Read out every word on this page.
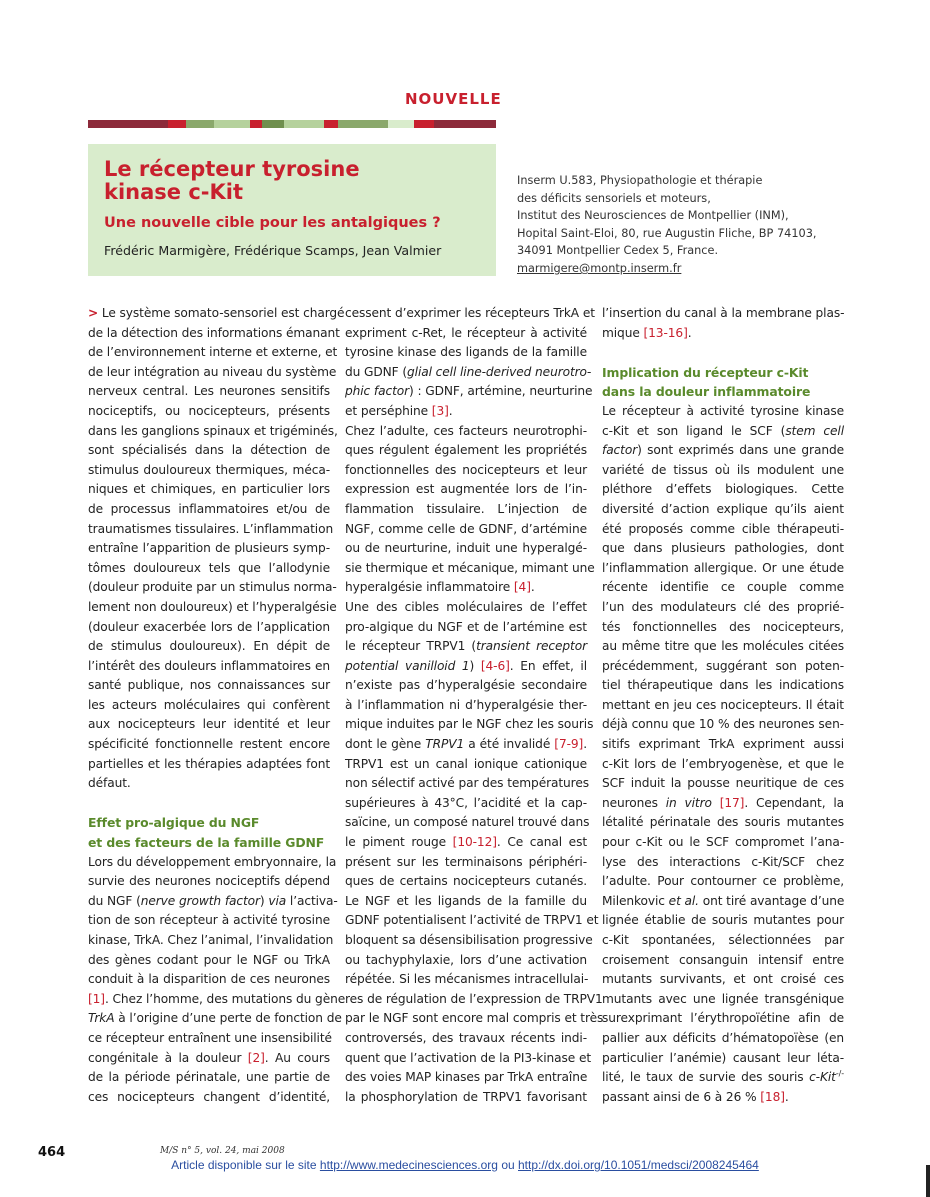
NOUVELLE
Le récepteur tyrosine
kinase c-Kit
Une nouvelle cible pour les antalgiques ?
Frédéric Marmigère, Frédérique Scamps, Jean Valmier
Inserm U.583, Physiopathologie et thérapie
des déficits sensoriels et moteurs,
Institut des Neurosciences de Montpellier (INM),
Hopital Saint-Eloi, 80, rue Augustin Fliche, BP 74103,
34091 Montpellier Cedex 5, France.
marmigere@montp.inserm.fr

> Le système somato-sensoriel est chargé
de la détection des informations émanant
de l’environnement interne et externe, et
de leur intégration au niveau du système
nerveux central. Les neurones sensitifs
nociceptifs, ou nocicepteurs, présents
dans les ganglions spinaux et trigéminés,
sont spécialisés dans la détection de
stimulus douloureux thermiques, méca-
niques et chimiques, en particulier lors
de processus inflammatoires et/ou de
traumatismes tissulaires. L’inflammation
entraîne l’apparition de plusieurs symp-
tômes douloureux tels que l’allodynie
(douleur produite par un stimulus norma-
lement non douloureux) et l’hyperalgésie
(douleur exacerbée lors de l’application
de stimulus douloureux). En dépit de
l’intérêt des douleurs inflammatoires en
santé publique, nos connaissances sur
les acteurs moléculaires qui confèrent
aux nocicepteurs leur identité et leur
spécificité fonctionnelle restent encore
partielles et les thérapies adaptées font
défaut.

Effet pro-algique du NGF
et des facteurs de la famille GDNF

Lors du développement embryonnaire, la
survie des neurones nociceptifs dépend
du NGF (nerve growth factor) via l’activa-
tion de son récepteur à activité tyrosine
kinase, TrkA. Chez l’animal, l’invalidation
des gènes codant pour le NGF ou TrkA
conduit à la disparition de ces neurones
[1]. Chez l’homme, des mutations du gène
TrkA à l’origine d’une perte de fonction de
ce récepteur entraînent une insensibilité
congénitale à la douleur [2]. Au cours
de la période périnatale, une partie de
ces nocicepteurs changent d’identité,

cessent d’exprimer les récepteurs TrkA et
expriment c-Ret, le récepteur à activité
tyrosine kinase des ligands de la famille
du GDNF (glial cell line-derived neurotro-
phic factor) : GDNF, artémine, neurturine
et perséphine [3].

Chez l’adulte, ces facteurs neurotrophi-
ques régulent également les propriétés
fonctionnelles des nocicepteurs et leur
expression est augmentée lors de l’in-
flammation tissulaire. L’injection de
NGF, comme celle de GDNF, d’artémine
ou de neurturine, induit une hyperalgé-
sie thermique et mécanique, mimant une
hyperalgésie inflammatoire [4].

Une des cibles moléculaires de l’effet
pro-algique du NGF et de l’artémine est
le récepteur TRPV1 (transient receptor
potential vanilloid 1) [4-6]. En effet, il
n’existe pas d’hyperalgésie secondaire
à l’inflammation ni d’hyperalgésie ther-
mique induites par le NGF chez les souris
dont le gène TRPV1 a été invalidé [7-9].
TRPV1 est un canal ionique cationique
non sélectif activé par des températures
supérieures à 43°C, l’acidité et la cap-
saïcine, un composé naturel trouvé dans
le piment rouge [10-12]. Ce canal est
présent sur les terminaisons périphéri-
ques de certains nocicepteurs cutanés.
Le NGF et les ligands de la famille du
GDNF potentialisent l’activité de TRPV1 et
bloquent sa désensibilisation progressive
ou tachyphylaxie, lors d’une activation
répétée. Si les mécanismes intracellulai-
res de régulation de l’expression de TRPV1
par le NGF sont encore mal compris et très
controversés, des travaux récents indi-
quent que l’activation de la PI3-kinase et
des voies MAP kinases par TrkA entraîne
la phosphorylation de TRPV1 favorisant

l’insertion du canal à la membrane plas-
mique [13-16].

Implication du récepteur c-Kit
dans la douleur inflammatoire

Le récepteur à activité tyrosine kinase
c-Kit et son ligand le SCF (stem cell
factor) sont exprimés dans une grande
variété de tissus où ils modulent une
pléthore d’effets biologiques. Cette
diversité d’action explique qu’ils aient
été proposés comme cible thérapeuti-
que dans plusieurs pathologies, dont
l’inflammation allergique. Or une étude
récente identifie ce couple comme
l’un des modulateurs clé des proprié-
tés fonctionnelles des nocicepteurs,
au même titre que les molécules citées
précédemment, suggérant son poten-
tiel thérapeutique dans les indications
mettant en jeu ces nocicepteurs. Il était
déjà connu que 10 % des neurones sen-
sitifs exprimant TrkA expriment aussi
c-Kit lors de l’embryogenèse, et que le
SCF induit la pousse neuritique de ces
neurones in vitro [17]. Cependant, la
létalité périnatale des souris mutantes
pour c-Kit ou le SCF compromet l’ana-
lyse des interactions c-Kit/SCF chez
l’adulte. Pour contourner ce problème,
Milenkovic et al. ont tiré avantage d’une
lignée établie de souris mutantes pour
c-Kit spontanées, sélectionnées par
croisement consanguin intensif entre
mutants survivants, et ont croisé ces
mutants avec une lignée transgénique
surexprimant l’érythropoïétine afin de
pallier aux déficits d’hématopoïèse (en
particulier l’anémie) causant leur léta-
lité, le taux de survie des souris c-Kit-/-
passant ainsi de 6 à 26 % [18].

464	M/S n° 5, vol. 24, mai 2008
Article disponible sur le site http://www.medecinesciences.org ou http://dx.doi.org/10.1051/medsci/2008245464
